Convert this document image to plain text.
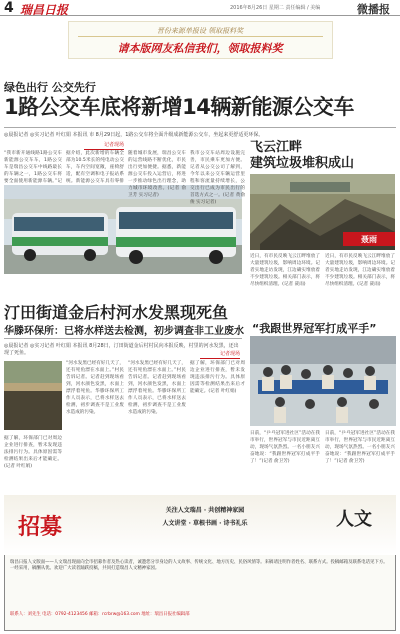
4 瑞昌日报	2016年8月26日 星期二 责任编辑 / 美编	微播报
晋份来源单报设 领取报料奖
请本版网友私信我们，领取报料奖
绿色出行 公交先行
1路公交车底将新增14辆新能源公交车
◎晨报记者 ◎实习记者 叶红娟 本报讯 市 8月29日起，1路公交车将全面升级成新能源公交车，坐起来更舒适更环保。
记者现场
“我市新开通线路1路公交车新能源公交车车，1路公交车是瑞昌公交车中线路最长的车辆之一，1路公交车将要全面使用新能源车辆。”记
据介绍，此次新增的车辆全部为10.5米长的纯电动公交车，车内空间宽敞，座椅舒适，配有空调和电子报站系统。新能源公交车具有零排
随着城市发展，瑞昌公交车的运营线路不断优化，市民出行更加便捷。据悉，新能源公交车投入运营后，将进一步推动绿色出行理念，助力城市环境改善。(记者 俞卫芳 实习记者)
我市公交车站周边设施完善，市民乘车更加方便。记者从公交公司了解到，今年以来公交车辆运营里程和客流量持续增长，公交出行已成为市民出行的首选方式之一。(记者 黄俞俊 实习记者)
飞云江畔
建筑垃圾堆积成山
聂雨
近日，有市民反映飞云江畔堆放了大量建筑垃圾，影响周边环境。记者实地走访发现，江边确实堆放着不少建筑垃圾。相关部门表示，将尽快组织清理。(记者 聂雨)
近日，有市民反映飞云江畔堆放了大量建筑垃圾，影响周边环境。记者实地走访发现，江边确实堆放着不少建筑垃圾。相关部门表示，将尽快组织清理。(记者 聂雨)
汀田街道金后村河水发黑现死鱼
华滕环保所：已将水样送去检测，初步调查非工业废水
◎晨报记者 ◎实习记者 叶红娟 本报讯 8月28日，汀田街道金后村村民向本报反映，村里的河水发黑，还出现了死鱼。	记者现场
“河水发黑已经有好几天了，还有死鱼漂在水面上。”村民告诉记者。记者赶到现场看到，河水颜色发黑，水面上漂浮着死鱼。华滕环保所工作人员表示，已将水样送去检测，初步调查不是工业废水造成的污染。
“河水发黑已经有好几天了，还有死鱼漂在水面上。”村民告诉记者。记者赶到现场看到，河水颜色发黑，水面上漂浮着死鱼。华滕环保所工作人员表示，已将水样送去检测，初步调查不是工业废水造成的污染。
据了解，环保部门已对周边企业进行排查，暂未发现违法排污行为。具体原因需等检测结果出来后才能确定。(记者 叶红娟)
据了解，环保部门已对周边企业进行排查，暂未发现违法排污行为。具体原因需等检测结果出来后才能确定。(记者 叶红娟)
“我跟世界冠军打成平手”
日前，“乒乓冠军进社区”活动在我市举行，世界冠军与市民近距离互动，现场气氛热烈。一名小朋友兴奋地说：“我跟世界冠军打成平手了！”(记者 俞卫芳)
日前，“乒乓冠军进社区”活动在我市举行，世界冠军与市民近距离互动，现场气氛热烈。一名小朋友兴奋地说：“我跟世界冠军打成平手了！”(记者 俞卫芳)
招募
关注人文瑞昌 · 共创精神家园
人文讲堂 · 草根书画 · 诗书礼乐	人文
瑞昌日报人文版面——人文瑞昌现面向全市招募作者及热心读者，诚邀您分享身边的人文故事、传统文化、地方历史、民俗风情等。来稿请注明作者姓名、联系方式。投稿邮箱及联系电话见下方。一经采用，稿酬从优。欢迎广大读者踊跃投稿，共同打造瑞昌人文精神家园。
联系人：刘先生 电话：0792-4123456 邮箱：rcrbrw@163.com 地址：瑞昌日报社编辑部
